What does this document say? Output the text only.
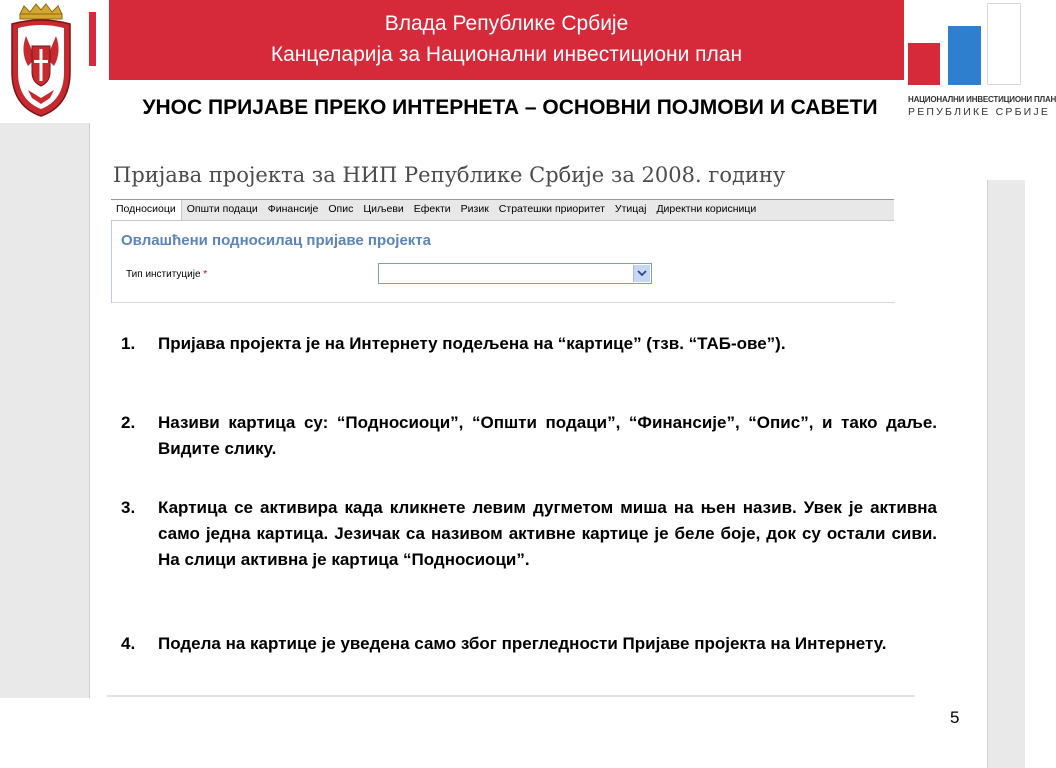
Влада Републике Србије
Канцеларија за Национални инвестициони план
НАЦИОНАЛНИ ИНВЕСТИЦИОНИ ПЛАН
РЕПУБЛИКЕ СРБИЈЕ
УНОС ПРИЈАВЕ ПРЕКО ИНТЕРНЕТА – ОСНОВНИ ПОЈМОВИ И САВЕТИ
Пријава пројекта за НИП Републике Србије за 2008. годину
Подносиоци	Општи подаци Финансије Опис Циљеви Ефекти Ризик Стратешки приоритет Утицај Директни корисници
Овлашћени подносилац пријаве пројекта
Тип институције *
1. Пријава пројекта је на Интернету подељена на “картице” (тзв. “ТАБ-ове”).
2. Називи картица су: “Подносиоци”, “Општи подаци”, “Финансије”, “Опис”, и тако даље. Видите слику.
3. Картица се активира када кликнете левим дугметом миша на њен назив. Увек је активна само једна картица. Језичак са називом активне картице је беле боје, док су остали сиви. На слици активна је картица “Подносиоци”.
4. Подела на картице је уведена само због прегледности Пријаве пројекта на Интернету.
5
